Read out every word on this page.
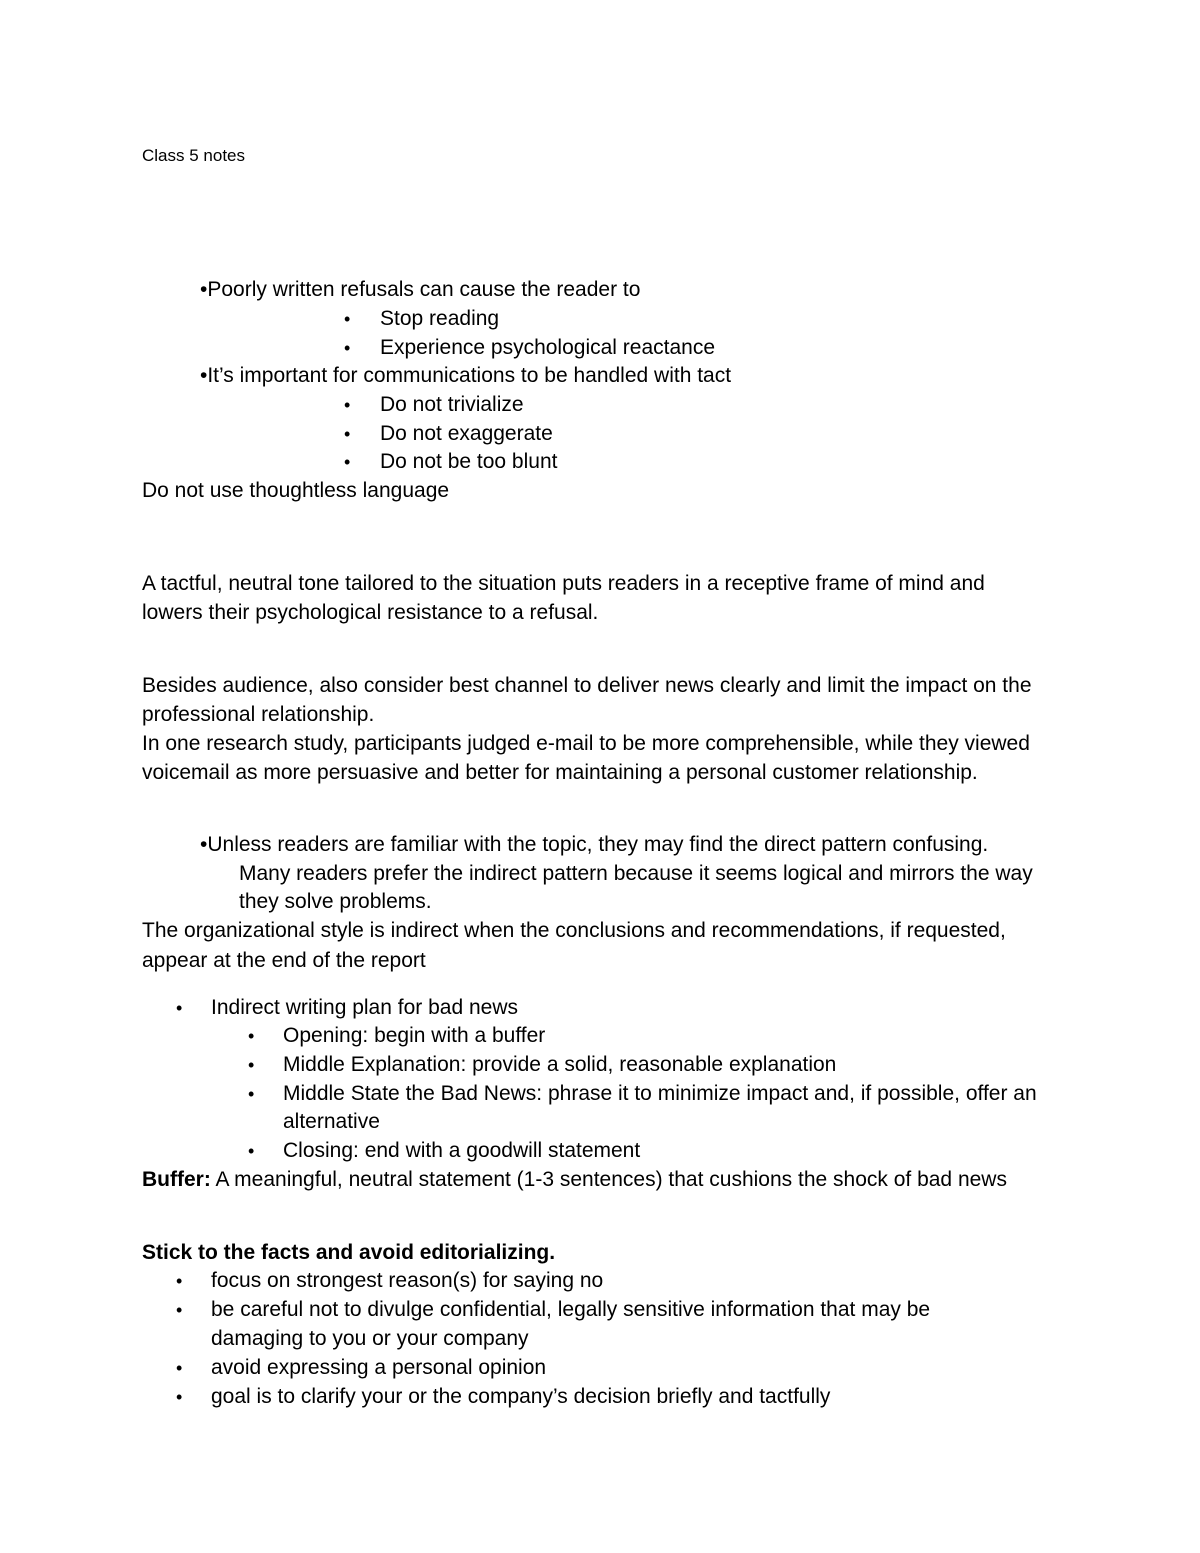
Class 5 notes
•Poorly written refusals can cause the reader to
• Stop reading
• Experience psychological reactance
•It’s important for communications to be handled with tact
• Do not trivialize
• Do not exaggerate
• Do not be too blunt
Do not use thoughtless language
A tactful, neutral tone tailored to the situation puts readers in a receptive frame of mind and
lowers their psychological resistance to a refusal.
Besides audience, also consider best channel to deliver news clearly and limit the impact on the
professional relationship.
In one research study, participants judged e-mail to be more comprehensible, while they viewed
voicemail as more persuasive and better for maintaining a personal customer relationship.
•Unless readers are familiar with the topic, they may find the direct pattern confusing.
Many readers prefer the indirect pattern because it seems logical and mirrors the way
they solve problems.
The organizational style is indirect when the conclusions and recommendations, if requested,
appear at the end of the report
• Indirect writing plan for bad news
• Opening: begin with a buffer
• Middle Explanation: provide a solid, reasonable explanation
• Middle State the Bad News: phrase it to minimize impact and, if possible, offer an
alternative
• Closing: end with a goodwill statement
Buffer: A meaningful, neutral statement (1-3 sentences) that cushions the shock of bad news
Stick to the facts and avoid editorializing.
• focus on strongest reason(s) for saying no
• be careful not to divulge confidential, legally sensitive information that may be
damaging to you or your company
• avoid expressing a personal opinion
• goal is to clarify your or the company’s decision briefly and tactfully
